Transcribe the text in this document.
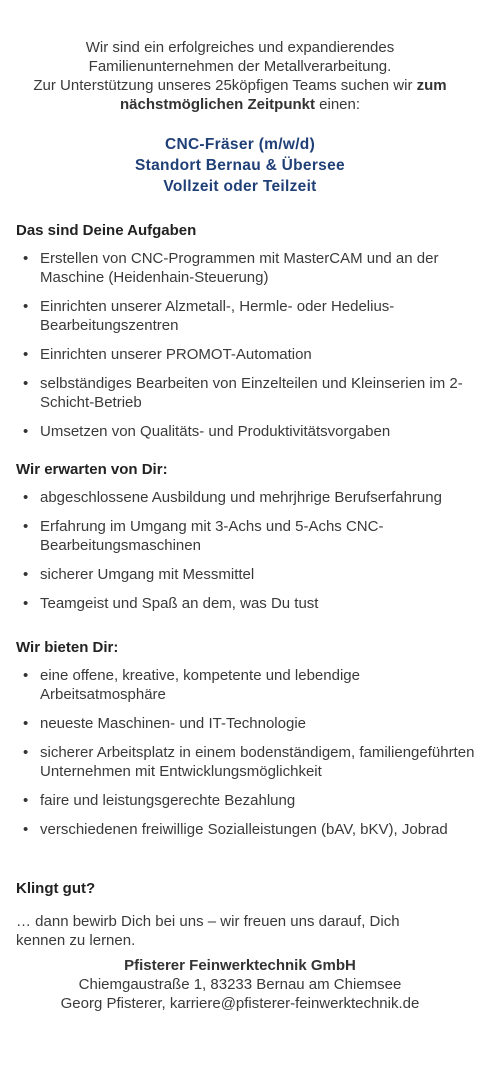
Wir sind ein erfolgreiches und expandierendes

Familienunternehmen der Metallverarbeitung.

Zur Unterstützung unseres 25köpfigen Teams suchen wir zum

nächstmöglichen Zeitpunkt einen:

CNC-Fräser (m/w/d)
Standort Bernau & Übersee
Vollzeit oder Teilzeit
Das sind Deine Aufgaben
• Erstellen von CNC-Programmen mit MasterCAM und an der Maschine (Heidenhain-Steuerung)
• Einrichten unserer Alzmetall-, Hermle- oder Hedelius-Bearbeitungszentren
• Einrichten unserer PROMOT-Automation
• selbständiges Bearbeiten von Einzelteilen und Kleinserien im 2-Schicht-Betrieb
• Umsetzen von Qualitäts- und Produktivitätsvorgaben
Wir erwarten von Dir:
• abgeschlossene Ausbildung und mehrjhrige Berufserfahrung
• Erfahrung im Umgang mit 3-Achs und 5-Achs CNC-Bearbeitungsmaschinen
• sicherer Umgang mit Messmittel
• Teamgeist und Spaß an dem, was Du tust
Wir bieten Dir:
• eine offene, kreative, kompetente und lebendige Arbeitsatmosphäre
• neueste Maschinen- und IT-Technologie
• sicherer Arbeitsplatz in einem bodenständigem, familiengeführten Unternehmen mit Entwicklungsmöglichkeit
• faire und leistungsgerechte Bezahlung
• verschiedenen freiwillige Sozialleistungen (bAV, bKV), Jobrad
Klingt gut?

… dann bewirb Dich bei uns – wir freuen uns darauf, Dich kennen zu lernen.

Pfisterer Feinwerktechnik GmbH
Chiemgaustraße 1, 83233 Bernau am Chiemsee
Georg Pfisterer, karriere@pfisterer-feinwerktechnik.de
